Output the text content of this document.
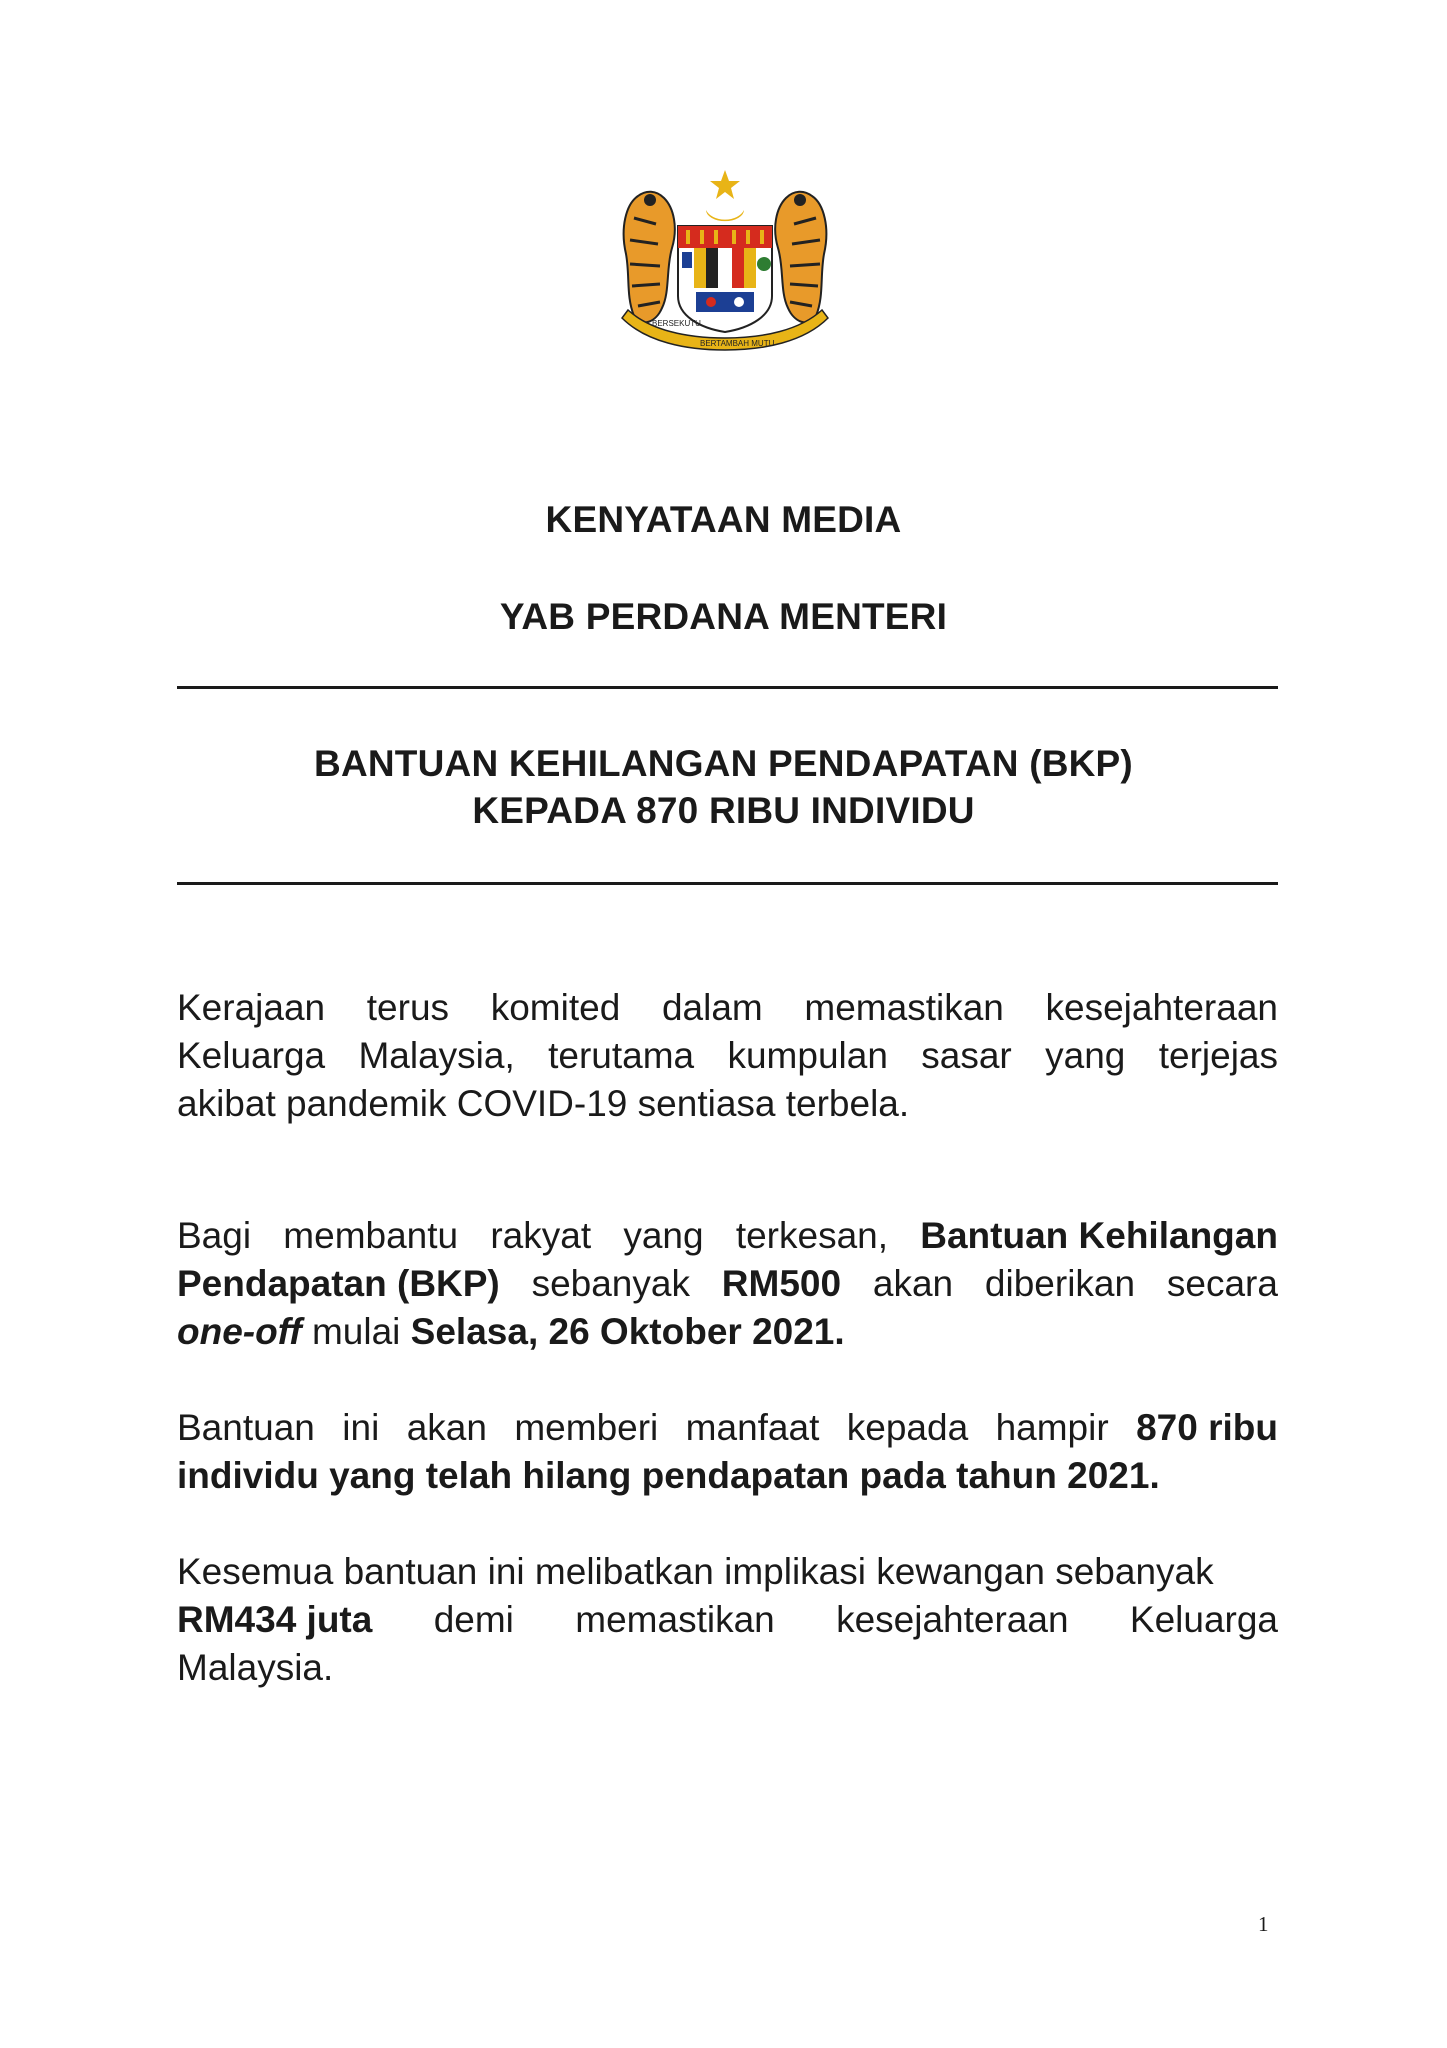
BERSEKUTU
BERTAMBAH MUTU
KENYATAAN MEDIA
YAB PERDANA MENTERI
BANTUAN KEHILANGAN PENDAPATAN (BKP)
KEPADA 870 RIBU INDIVIDU
Kerajaan terus komited dalam memastikan kesejahteraan
Keluarga Malaysia, terutama kumpulan sasar yang terjejas
akibat pandemik COVID-19 sentiasa terbela.
Bagi membantu rakyat yang terkesan, Bantuan Kehilangan
Pendapatan (BKP) sebanyak RM500 akan diberikan secara
one-off mulai Selasa, 26 Oktober 2021.
Bantuan ini akan memberi manfaat kepada hampir 870 ribu
individu yang telah hilang pendapatan pada tahun 2021.
Kesemua bantuan ini melibatkan implikasi kewangan sebanyak
RM434 juta demi memastikan kesejahteraan Keluarga
Malaysia.
1
